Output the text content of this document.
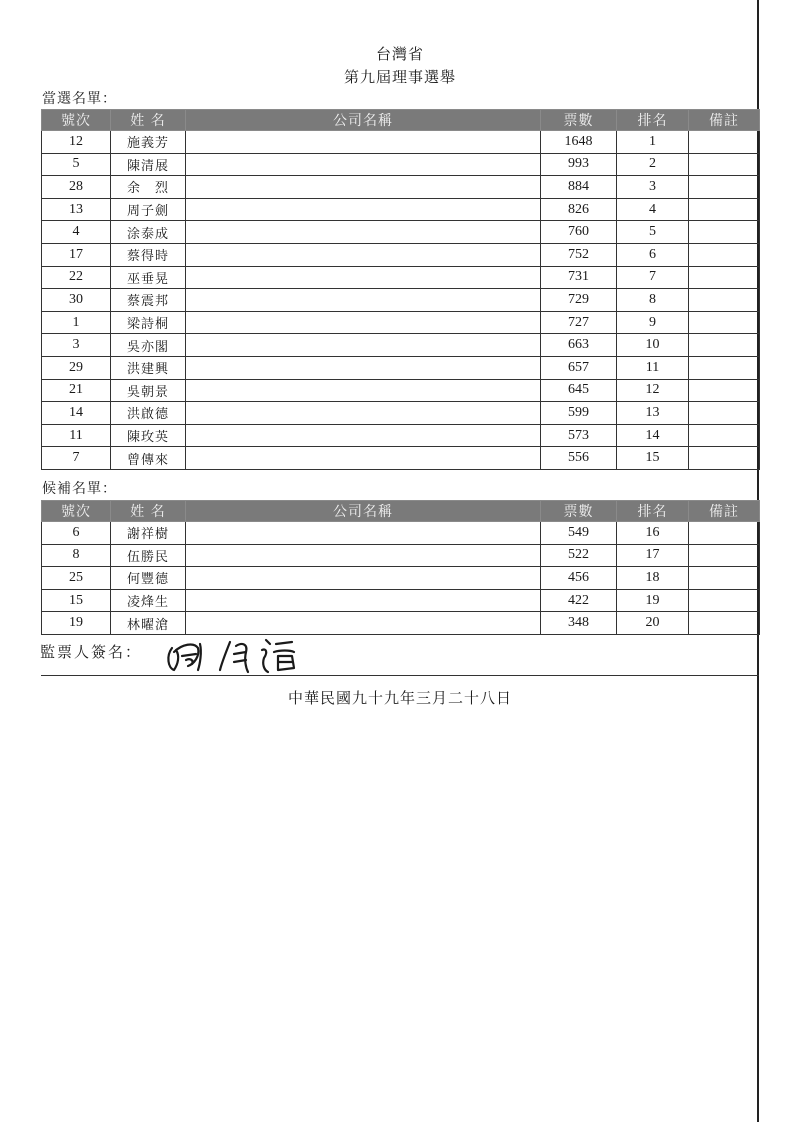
台灣省
第九屆理事選舉
當選名單：
號次	姓 名	公司名稱	票數	排名	備註
12	施義芳		1648	1	
5	陳清展		993	2	
28	余　烈		884	3	
13	周子劍		826	4	
4	涂泰成		760	5	
17	蔡得時		752	6	
22	巫垂晃		731	7	
30	蔡震邦		729	8	
1	梁詩桐		727	9	
3	吳亦閣		663	10	
29	洪建興		657	11	
21	吳朝景		645	12	
14	洪啟德		599	13	
11	陳玫英		573	14	
7	曾傳來		556	15	
候補名單：
號次	姓 名	公司名稱	票數	排名	備註
6	謝祥樹		549	16	
8	伍勝民		522	17	
25	何豐德		456	18	
15	凌烽生		422	19	
19	林曜滄		348	20	
監票人簽名：
中華民國九十九年三月二十八日
